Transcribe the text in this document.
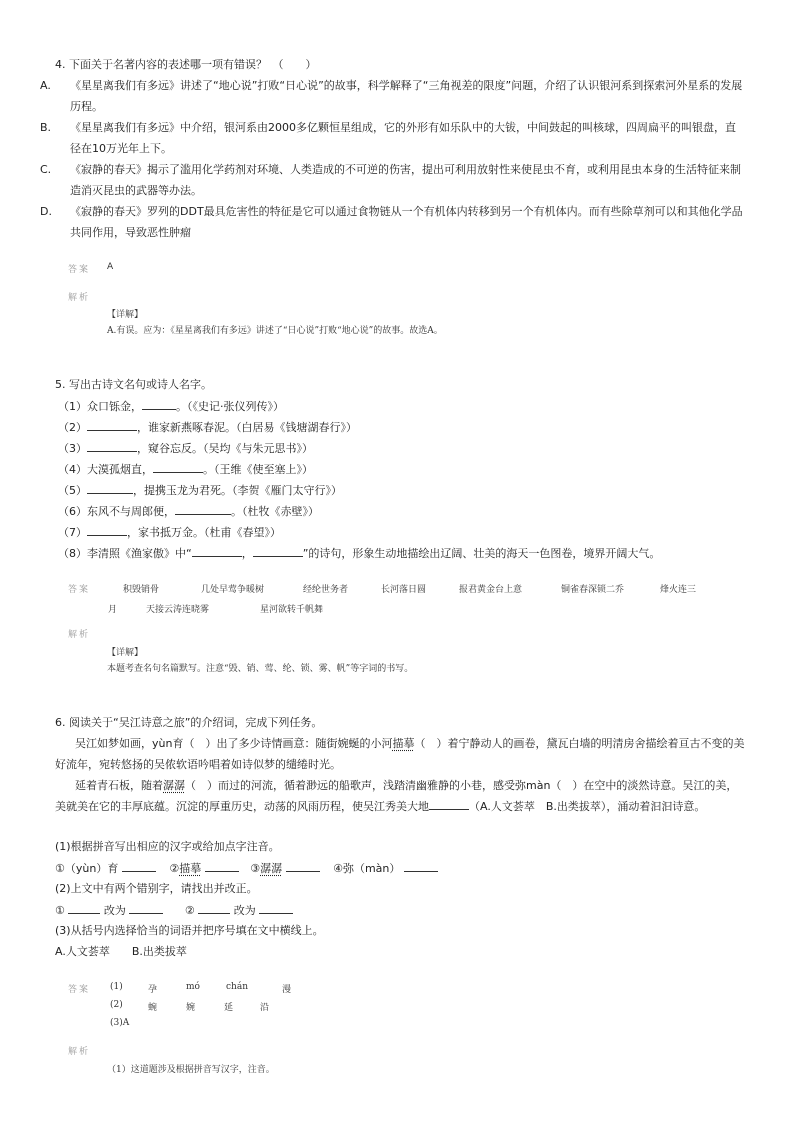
4. 下面关于名著内容的表述哪一项有错误？　（　　）
A. 《星星离我们有多远》讲述了“地心说”打败“日心说”的故事，科学解释了“三角视差的限度”问题，介绍了认识银河系到探索河外星系的发展历程。
B. 《星星离我们有多远》中介绍，银河系由2000多亿颗恒星组成，它的外形有如乐队中的大钹，中间鼓起的叫核球，四周扁平的叫银盘，直径在10万光年上下。
C. 《寂静的春天》揭示了滥用化学药剂对环境、人类造成的不可逆的伤害，提出可利用放射性来使昆虫不育，或利用昆虫本身的生活特征来制造消灭昆虫的武器等办法。
D. 《寂静的春天》罗列的DDT最具危害性的特征是它可以通过食物链从一个有机体内转移到另一个有机体内。而有些除草剂可以和其他化学品共同作用，导致恶性肿瘤
答案 A
解析
【详解】
A.有误。应为：《星星离我们有多远》讲述了“日心说”打败“地心说”的故事。故选A。
5. 写出古诗文名句或诗人名字。
（1）众口铄金，	。（《史记·张仪列传》）
（2）	，谁家新燕啄春泥。（白居易《钱塘湖春行》）
（3）	，窥谷忘反。（吴均《与朱元思书》）
（4）大漠孤烟直，	。（王维《使至塞上》）
（5）	，提携玉龙为君死。（李贺《雁门太守行》）
（6）东风不与周郎便，	。（杜牧《赤壁》）
（7）	，家书抵万金。（杜甫《春望》）
（8）李清照《渔家傲》中“	，	”的诗句，形象生动地描绘出辽阔、壮美的海天一色图卷，境界开阔大气。
答案	积毁销骨	几处早莺争暖树	经纶世务者	长河落日圆	报君黄金台上意	铜雀春深锁二乔	烽火连三
月	天接云涛连晓雾	星河欲转千帆舞
解析
【详解】
本题考查名句名篇默写。注意“毁、销、莺、纶、锁、雾、帆”等字词的书写。
6. 阅读关于“吴江诗意之旅”的介绍词，完成下列任务。
吴江如梦如画，yùn育（　）出了多少诗情画意：随街婉蜒的小河描摹（　）着宁静动人的画卷，黛瓦白墙的明清房舍描绘着亘古不变的美好流年，宛转悠扬的吴侬软语吟唱着如诗似梦的缱绻时光。
延着青石板，随着潺潺（　）而过的河流，循着渺远的船歌声，浅踏清幽雅静的小巷，感受弥màn（　）在空中的淡然诗意。吴江的美，美就美在它的丰厚底蕴。沉淀的厚重历史，动荡的风雨历程，使吴江秀美大地	（A.人文荟萃　B.出类拔萃），涌动着汩汩诗意。
(1)根据拼音写出相应的汉字或给加点字注音。
①（yùn）育	②描摹	③潺潺	④弥（màn）
(2)上文中有两个错别字，请找出并改正。
①	改为	②	改为
(3)从括号内选择恰当的词语并把序号填在文中横线上。
A.人文荟萃　　B.出类拔萃
答案 (1)	孕	mó	chán	漫
(2)	蜿	婉	延	沿
(3)A
解析
（1）这道题涉及根据拼音写汉字，注音。
